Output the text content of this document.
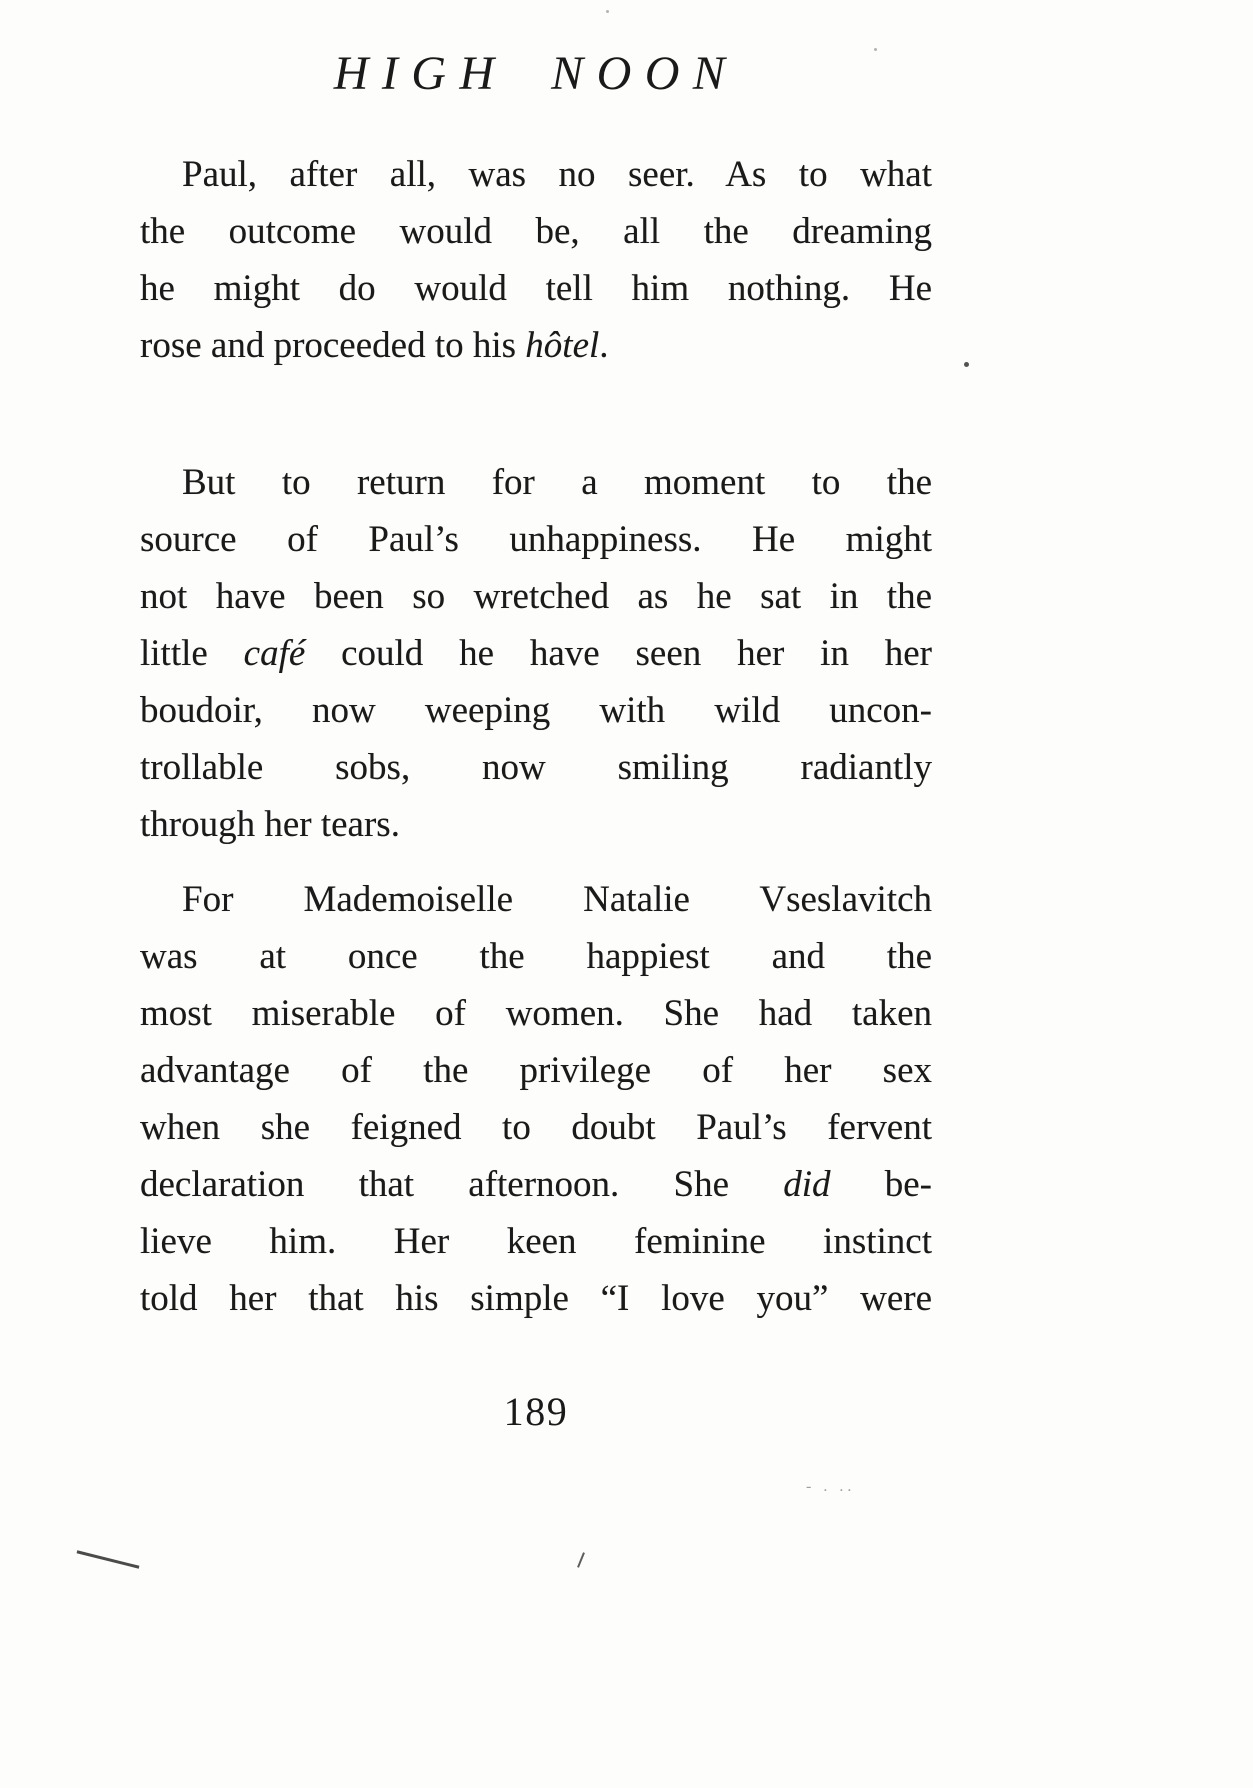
HIGH NOON
Paul, after all, was no seer. As to what
the outcome would be, all the dreaming
he might do would tell him nothing. He
rose and proceeded to his hôtel.
But to return for a moment to the
source of Paul’s unhappiness. He might
not have been so wretched as he sat in the
little café could he have seen her in her
boudoir, now weeping with wild uncon-
trollable sobs, now smiling radiantly
through her tears.
For Mademoiselle Natalie Vseslavitch
was at once the happiest and the
most miserable of women. She had taken
advantage of the privilege of her sex
when she feigned to doubt Paul’s fervent
declaration that afternoon. She did be-
lieve him. Her keen feminine instinct
told her that his simple “I love you” were
189
- . ..
